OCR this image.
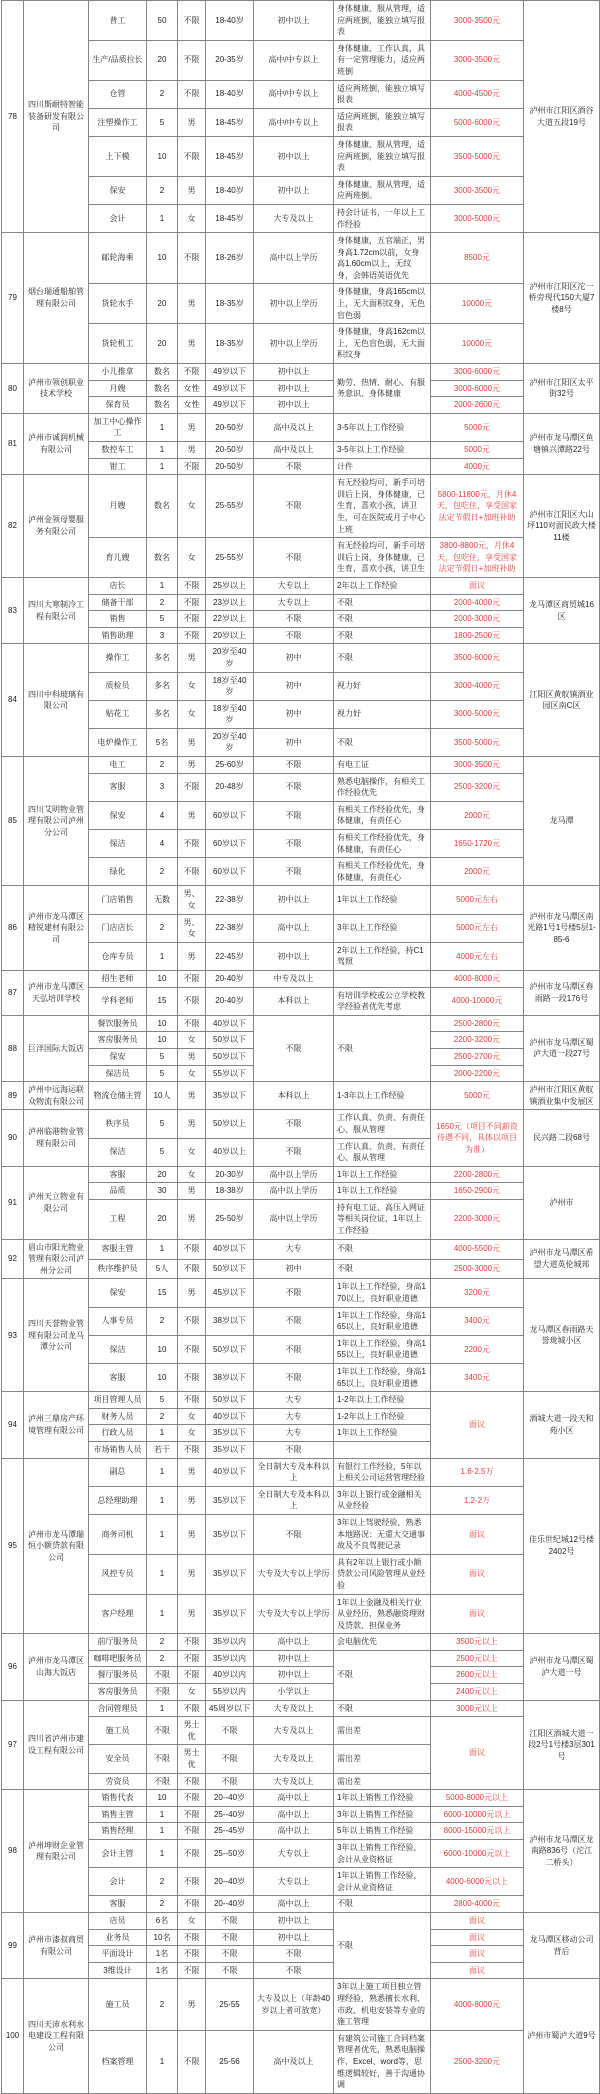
78	四川斯耐特智能装备研发有限公司	普工	50	不限	18-40岁	初中以上	身体健康、服从管理，适应两班倒，能独立填写报表	3000-3500元	泸州市江阳区酒谷大道五段19号
		生产/品质拉长	20	不限	20-35岁	高中/中专以上	身体健康、工作认真，具有一定管理能力，适应两班倒	3000-3500元	
		仓管	2	不限	18-40岁	高中/中专以上	适应两班倒，能独立填写报表	4000-4500元	
		注塑操作工	5	男	18-45岁	高中/中专以上	适应两班倒，能独立填写报表	5000-6000元	
		上下模	10	不限	18-45岁	初中以上	身体健康、服从管理，适应两班倒，能独立填写报表	3500-5000元	
		保安	2	男	18-40岁	初中以上	身体健康、服从管理，适应两班倒。	3000-3500元	
		会计	1	女	18-45岁	大专及以上	持会计证书，一年以上工作经验	3000-5000元	
79	烟台瑞通船舶管理有限公司	邮轮海乘	10	不限	18-26岁	高中以上学历	身体健康，五官端正，男身高1.72cm以前，女身高1.60cm以上，无纹身，会韩语英语优先	8500元	泸州市江阳区沱一桥旁现代150大厦7楼8号
		货轮水手	20	男	18-35岁	初中以上学历	身体健康，身高165cm以上，无大面积纹身，无色盲色弱	10000元	
		货轮机工	20	男	18-35岁	初中以上学历	身体健康，身高162cm以上，无色盲色弱，无大面积纹身	10000元	
80	泸州市领创职业技术学校	小儿推拿	数名	不限	49岁以下	初中以上	勤劳、热情、耐心、有服务意识、身体健康	3000-6000元	泸州市江阳区太平街32号
		月嫂	数名	女性	49岁以下	初中以上		3000-6000元	
		保育员	数名	女性	49岁以下	初中以上		2000-2600元	
81	泸州市诚润机械有限公司	加工中心操作工	1	男	20-50岁	高中及以上	3-5年以上工作经验	5000元	泸州市龙马潭区鱼塘镇兴潭路22号
		数控车工	1	男	20-50岁	高中及以上	3-5年以上工作经验	5000元	
		钳工	1	不限	20-50岁	不限	计件	4000元	
82	泸州金领母婴服务有限公司	月嫂	数名	女	25-55岁	不限	有无经验均可，新手可培训后上岗，身体健康，已生育，喜欢小孩，讲卫生，可在医院或月子中心上班	5800-11800元，月休4天，包吃住，享受国家法定节假日+加班补助	泸州市江阳区大山坪110对面民政大楼11楼
		育儿嫂	数名	女	25-55岁	不限	有无经验均可，新手可培训后上岗，身体健康，已生育，喜欢小孩，讲卫生	3800-8800元，月休4天，包吃住，享受国家法定节假日+加班补助	
83	四川大寒制冷工程有限公司	店长	1	不限	25岁以上	大专以上	2年以上工作经验	面议	龙马潭区商贸城16区
		储备干部	2	不限	23岁以上	大专以上	不限	2000-4000元	
		销售	5	不限	22岁以上	不限	不限	2000-3000元	
		销售助理	3	不限	20岁以上	不限	不限	1800-2500元	
84	四川中科玻璃有限公司	操作工	多名	男	20岁至40岁	初中	不限	3500-6000元	江阳区黄舣镇酒业园区南C区
		质检员	多名	女	18岁至40岁	初中	视力好	3000-4000元	
		贴花工	多名	女	18岁至40岁	初中	视力好	3000-5000元	
		电炉操作工	5名	男	20岁至40岁	初中	不限	3500-5000元	
85	四川艾明物业管理有限公司泸州分公司	电工	2	男	25-60岁	不限	有电工证	3000-3500元	龙马潭
		客服	3	不限	20-48岁	不限	熟悉电脑操作，有相关工作经验优先	2500-3200元	
		保安	4	男	60岁以下	不限	有相关工作经验优先，身体健康，有责任心	2000元	
		保洁	4	不限	60岁以下	不限	有相关工作经验优先，身体健康，有责任心	1650-1720元	
		绿化	2	不限	60岁以下	不限	有相关工作经验优先，身体健康，有责任心	2000元	
86	泸州市龙马潭区精锐建材有限公司	门店销售	无数	男、女	22-38岁	初中以上	1年以上工作经验	5000元左右	泸州市龙马潭区南光路1号1号楼5层1-85-6
		门店店长	2	男、女	22-38岁	高中以上	3年以上工作经验	5000元左右	
		仓库专员	1	男	22-45岁	初中以上	2年以上工作经验，持C1驾照	4000元左右	
87	泸州市龙马潭区天弘培训学校	招生老师	10	不限	20-40岁	中专及以上		4000-8000元	泸州市龙马潭区春雨路一段176号
		学科老师	15	不限	20-40岁	本科以上	有培训学校或公立学校教学经验者优先考虑	4000-10000元	
88	巨洋国际大饭店	餐饮服务员	10	不限	40岁以下	不限	不限	2500-2800元	泸州市龙马潭区蜀泸大道一段27号
		客房服务员	10	女	50岁以下			2200-3200元	
		保安	5	男	50岁以下			2500-2700元	
		保洁员	5	女	55岁以下			2000-2200元	
89	泸州中远海运联众物流有限公司	物流仓储主管	10人	男	35岁以下	本科以上	1-3年以上工作经验	5000元	泸州市江阳区黄舣镇酒业集中发展区
90	泸州临港物业管理有限公司	秩序员	5	男	50岁以上	不限	工作认真、负责、有责任心、服从管理	1650元（项目不同薪资待遇不同，具体以项目为准）	民兴路二段68号
		保洁	5	女	40岁以上	不限	工作认真、负责、有责任心、服从管理		
91	泸州天立物业有限公司	客服	20	女	20-30岁	高中以上学历	1年以上工作经验	2200-2800元	泸州市
		品质	30	男	18-38岁	高中以上学历	1年以上工作经验	1650-2900元	
		工程	20	男	25-50岁	高中以上学历	持有电工证、高压入网证等相关岗位证，1年以上工作经验	2200-3000元	
92	眉山市阳光物业管理有限公司泸州分公司	客服主管	1	不限	40岁以下	大专	不限	4000-5500元	泸州市龙马潭区希望大道英伦城邦
		秩序维护员	5人	不限	50岁以下	初中	不限	2500-3000元	
93	四川天誉物业管理有限公司龙马潭分公司	保安	15	男	45岁以下	不限	1年以上工作经验，身高170以上，良好职业道德	3200元	龙马潭区春雨路天誉珑城小区
		人事专员	2	不限	38岁以下	不限	1年以上工作经验，身高165以上，良好职业道德	3400元	
		保洁	10	不限	50岁以下	不限	1年以上工作经验，身高155以上，良好职业道德	2200元	
		客服	10	不限	38岁以下	不限	1年以上工作经验，身高165以上，良好职业道德	3400元	
94	泸州三鼎房产环境管理有限公司	项目管理人员	5	不限	50岁以下	大专	1-2年以上工作经验	面议	酒城大道一段天和苑小区
		财务人员	2	女	40岁以下	大专	1-2年以上工作经验		
		行政人员	1	女	35岁以下	大专	1年以上工作经验		
		市场销售人员	若干	不限	35岁以下	不限			
95	泸州市龙马潭瑞恒小额贷款有限公司	副总	1	男	40岁以下	全日制大专及本科以上	有银行工作经验，5年以上相关公司运营管理经验	1.6-2.5万	佳乐世纪城12号楼2402号
		总经理助理	1	男	35岁以下	全日制大专及本科以上	3年以上银行或金融相关从业经验	1.2-2万	
		商务司机	1	男	35岁以下	不限	3年以上驾驶经验，熟悉本地路况：无重大交通事故及不良驾驶记录	面议	
		风控专员	1	男	35岁以下	大专及大专以上学历	具有2年以上银行或小额贷款公司风险管理从业经验	面议	
		客户经理	1	男	35岁以下	大专及大专以上学历	1年以上金融及相关行业从业经历，熟悉融资理财及贷款、担保业务	面议	
96	泸州市龙马潭区山海大饭店	前厅服务员	2	不限	35岁以内	高中以上	会电脑优先	3500元以上	泸州市龙马潭区蜀泸大道一号
		咖啡吧服务员	2	不限	35岁以内	初中以上	不限	2500元以上	
		餐厅服务员	不限	不限	40岁以内	初中以上		2600元以上	
		客房服务员	不限	女	55岁以内	小学以上		2400元以上	
97	四川省泸州市建设工程有限公司	合同管理员	1	不限	45周岁以下	大专及以上	不限	3000元以上	江阳区酒城大道一段2号1号楼3层301号
		施工员	不限	男士优	不限	大专及以上	需出差	面议	
		安全员	不限	男士优	不限	大专及以上	需出差		
		劳资员	不限	不限	不限	大专及以上	需出差		
98	泸州坤财企业管理有限公司	销售代表	10	不限	20--40岁	高中以上	1年以上销售工作经验	5000-8000元以上	泸州市龙马潭区龙南路836号（沱江二桥头）
		销售主管	1	不限	25--40岁	高中以上	3年以上销售工作经验	6000-10000元以上	
		销售经理	1	不限	25--45岁	高中以上	5年以上销售工作经验	8000-15000元以上	
		会计主管	1	不限	25--50岁	大专以上	3年以上销售工作经验，会计从业资格证	6000-10000元以上	
		会计	2	不限	20--40岁	大专以上	1年以上销售工作经验，会计从业资格证	4000-6000元以上	
		客服	2	不限	20--40岁	高中以上	不限	2800-4000元	
99	泸州市漆叔商贸有限公司	店员	6名	女	不限	初中以上	不限	面议	龙马潭区移动公司背后
		业务员	10名	不限	不限	初中以上		面议	
		平面设计	1名	不限	不限	不限		面议	
		3维设计	1名	不限	不限	不限		面议	
100	四川天沛水利水电建设工程有限公司	施工员	2	男	25-55	大专及以上（年龄40岁以上者可放宽）	3年以上施工项目独立管理经验，熟悉擅长水利、市政、机电安装等专业的施工管理	4000-8000元	泸州市蜀泸大道9号
		档案管理	1	不限	25-56	高中及以上	有建筑公司施工合同档案管理者优先，熟悉电脑操作，Excel、word等，思维逻辑较好，善于沟通协调	2500-3200元	
